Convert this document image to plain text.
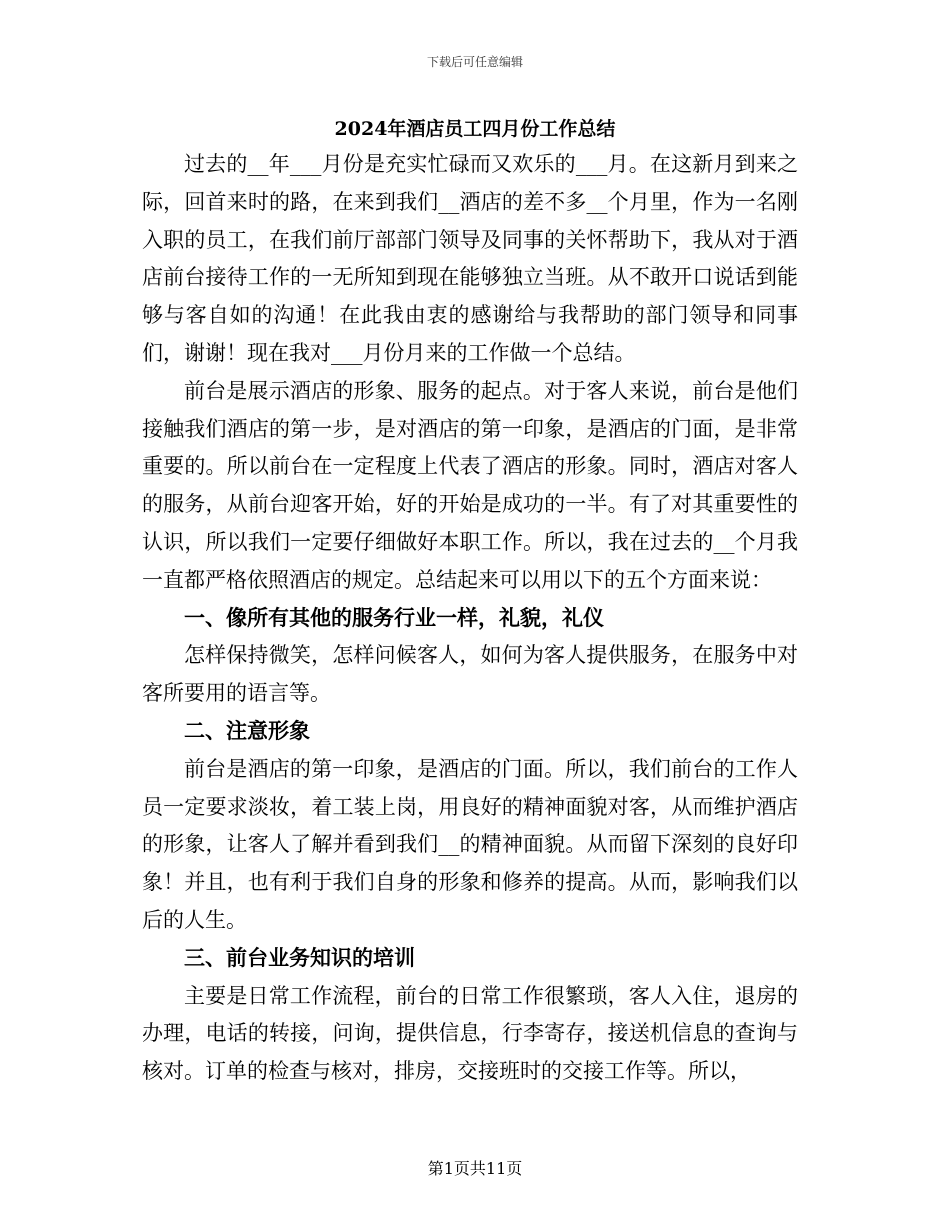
下载后可任意编辑
2024年酒店员工四月份工作总结

过去的__年___月份是充实忙碌而又欢乐的___月。在这新月到来之际，回首来时的路，在来到我们__酒店的差不多__个月里，作为一名刚入职的员工，在我们前厅部部门领导及同事的关怀帮助下，我从对于酒店前台接待工作的一无所知到现在能够独立当班。从不敢开口说话到能够与客自如的沟通！在此我由衷的感谢给与我帮助的部门领导和同事们，谢谢！现在我对___月份月来的工作做一个总结。

前台是展示酒店的形象、服务的起点。对于客人来说，前台是他们接触我们酒店的第一步，是对酒店的第一印象，是酒店的门面，是非常重要的。所以前台在一定程度上代表了酒店的形象。同时，酒店对客人的服务，从前台迎客开始，好的开始是成功的一半。有了对其重要性的认识，所以我们一定要仔细做好本职工作。所以，我在过去的__个月我一直都严格依照酒店的规定。总结起来可以用以下的五个方面来说：

一、像所有其他的服务行业一样，礼貌，礼仪

怎样保持微笑，怎样问候客人，如何为客人提供服务，在服务中对客所要用的语言等。

二、注意形象

前台是酒店的第一印象，是酒店的门面。所以，我们前台的工作人员一定要求淡妆，着工装上岗，用良好的精神面貌对客，从而维护酒店的形象，让客人了解并看到我们__的精神面貌。从而留下深刻的良好印象！并且，也有利于我们自身的形象和修养的提高。从而，影响我们以后的人生。

三、前台业务知识的培训

主要是日常工作流程，前台的日常工作很繁琐，客人入住，退房的办理，电话的转接，问询，提供信息，行李寄存，接送机信息的查询与核对。订单的检查与核对，排房，交接班时的交接工作等。所以，

第1页共11页
